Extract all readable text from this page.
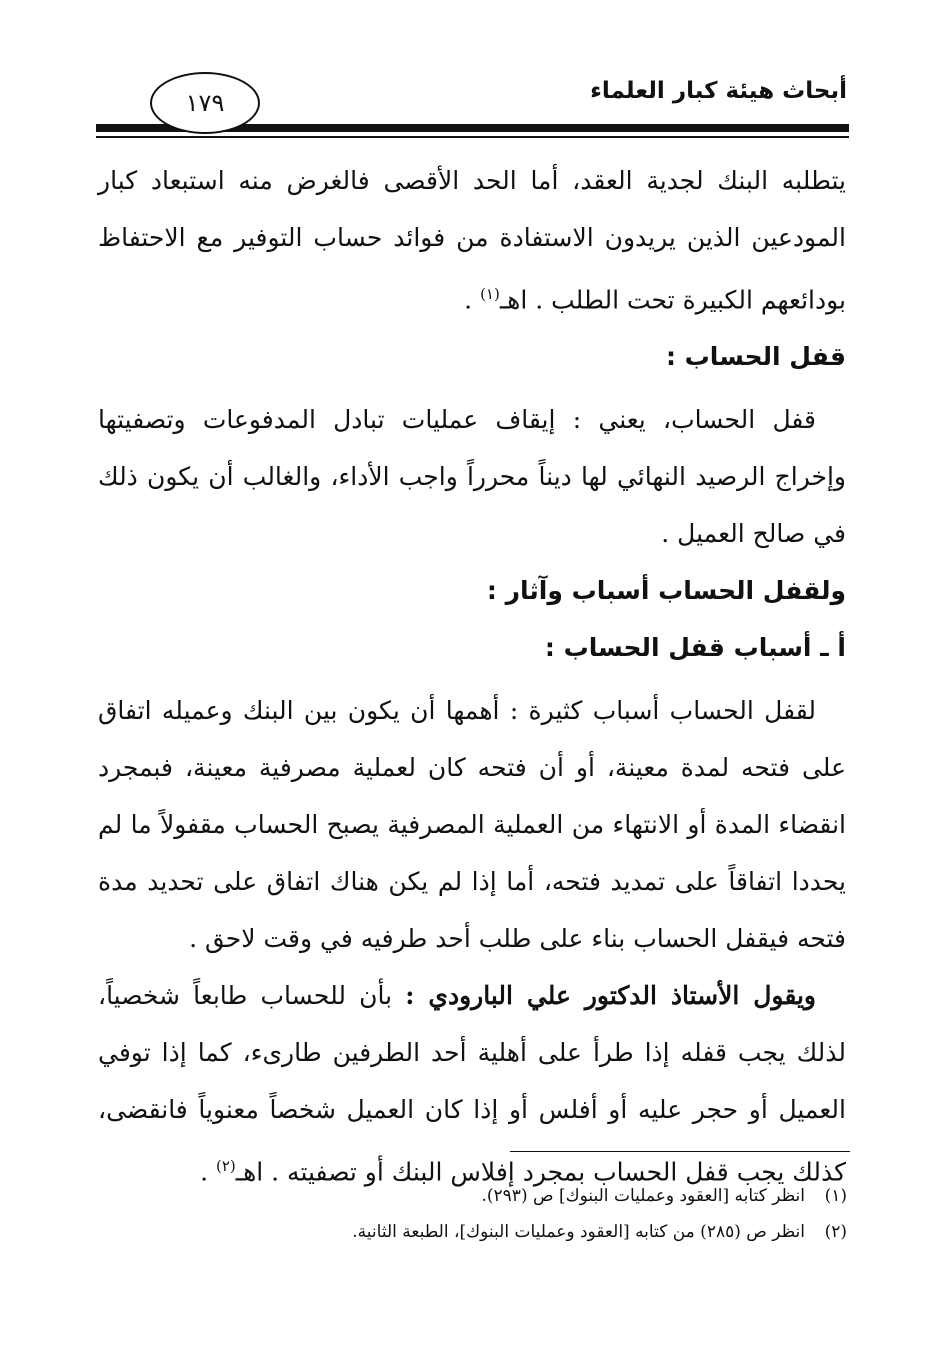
أبحاث هيئة كبار العلماء
١٧٩

يتطلبه البنك لجدية العقد، أما الحد الأقصى فالغرض منه استبعاد كبار المودعين الذين يريدون الاستفادة من فوائد حساب التوفير مع الاحتفاظ بودائعهم الكبيرة تحت الطلب . اهـ$^{(١)}$ .

قفل الحساب :

قفل الحساب، يعني : إيقاف عمليات تبادل المدفوعات وتصفيتها وإخراج الرصيد النهائي لها ديناً محرراً واجب الأداء، والغالب أن يكون ذلك في صالح العميل .

ولقفل الحساب أسباب وآثار :

أ ـ أسباب قفل الحساب :

لقفل الحساب أسباب كثيرة : أهمها أن يكون بين البنك وعميله اتفاق على فتحه لمدة معينة، أو أن فتحه كان لعملية مصرفية معينة، فبمجرد انقضاء المدة أو الانتهاء من العملية المصرفية يصبح الحساب مقفولاً ما لم يحددا اتفاقاً على تمديد فتحه، أما إذا لم يكن هناك اتفاق على تحديد مدة فتحه فيقفل الحساب بناء على طلب أحد طرفيه في وقت لاحق .

ويقول الأستاذ الدكتور علي البارودي : بأن للحساب طابعاً شخصياً، لذلك يجب قفله إذا طرأ على أهلية أحد الطرفين طارىء، كما إذا توفي العميل أو حجر عليه أو أفلس أو إذا كان العميل شخصاً معنوياً فانقضى، كذلك يجب قفل الحساب بمجرد إفلاس البنك أو تصفيته . اهـ$^{(٢)}$ .

(١)انظر كتابه [العقود وعمليات البنوك] ص (٢٩٣).
(٢)انظر ص (٢٨٥) من كتابه [العقود وعمليات البنوك]، الطبعة الثانية.
